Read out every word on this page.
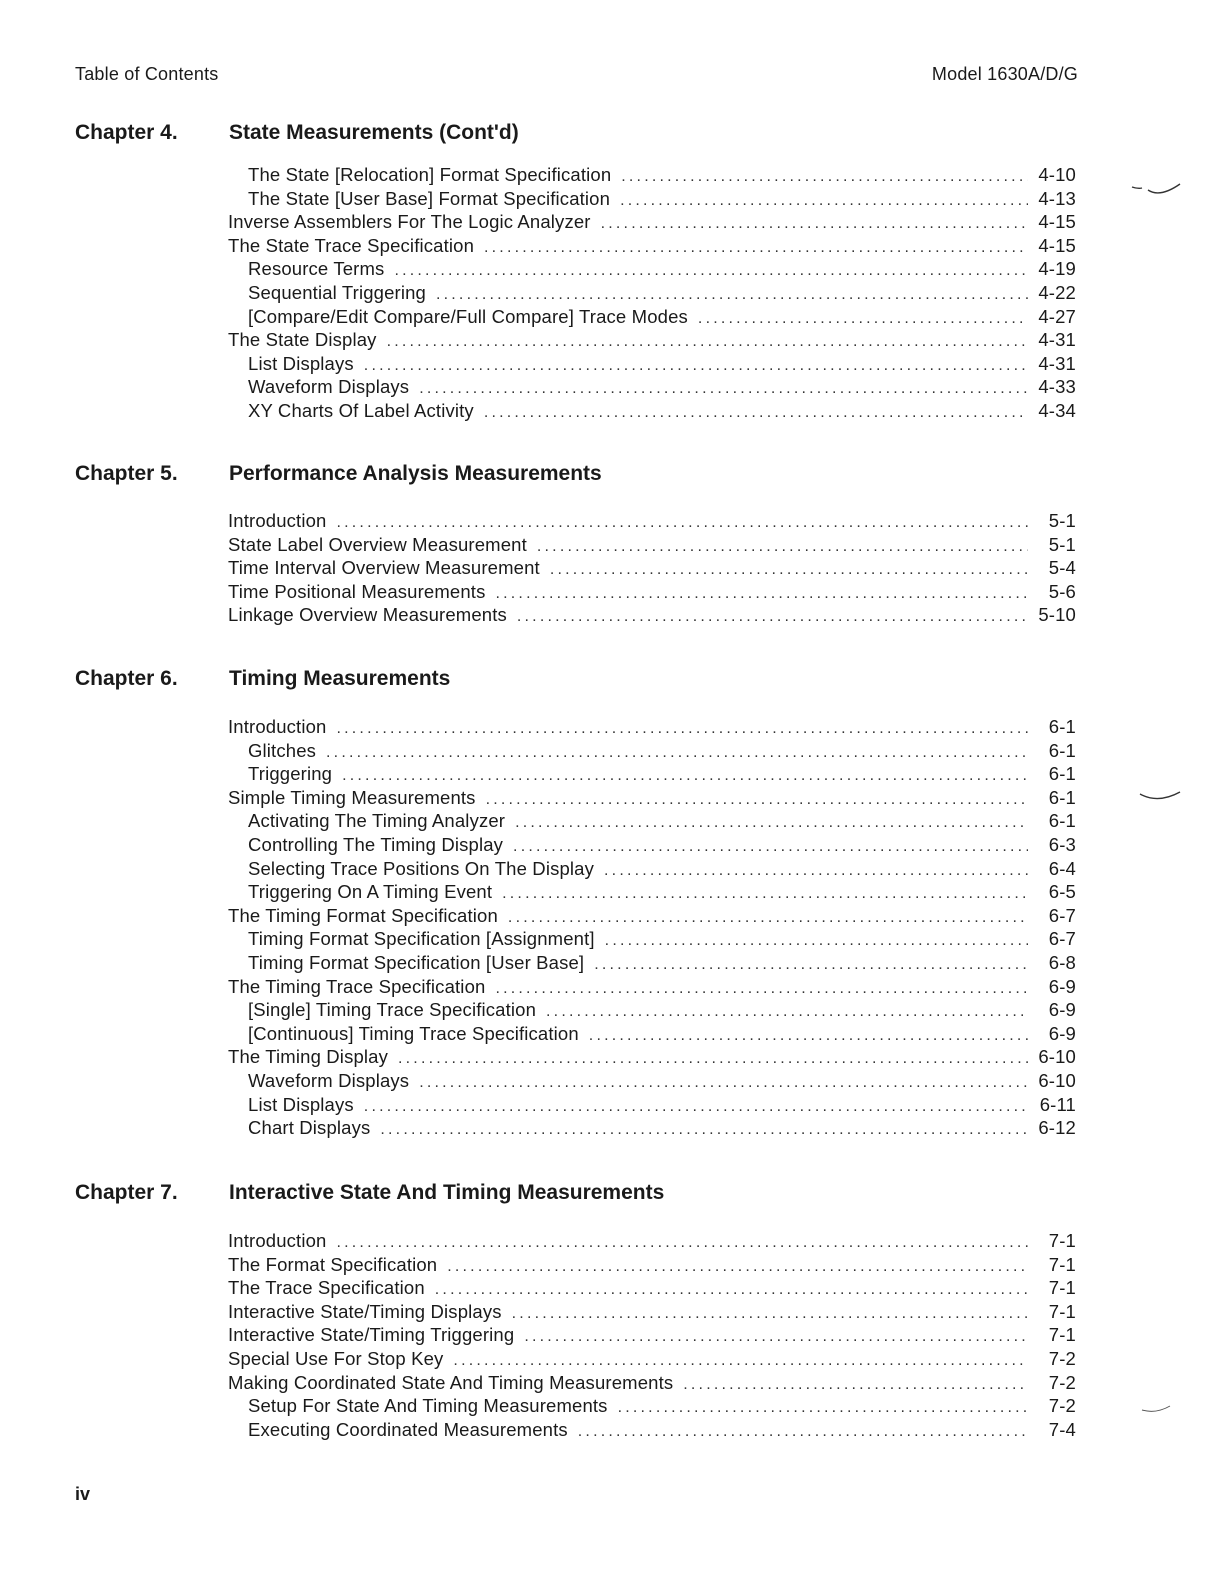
Table of Contents	Model 1630A/D/G
Chapter 4. State Measurements (Cont'd)
The State [Relocation] Format Specification .....	4-10
The State [User Base] Format Specification .....	4-13
Inverse Assemblers For The Logic Analyzer .....	4-15
The State Trace Specification .....	4-15
Resource Terms .....	4-19
Sequential Triggering .....	4-22
[Compare/Edit Compare/Full Compare] Trace Modes .....	4-27
The State Display .....	4-31
List Displays .....	4-31
Waveform Displays .....	4-33
XY Charts Of Label Activity .....	4-34
Chapter 5. Performance Analysis Measurements
Introduction .....	5-1
State Label Overview Measurement .....	5-1
Time Interval Overview Measurement .....	5-4
Time Positional Measurements .....	5-6
Linkage Overview Measurements .....	5-10
Chapter 6. Timing Measurements
Introduction .....	6-1
Glitches .....	6-1
Triggering .....	6-1
Simple Timing Measurements .....	6-1
Activating The Timing Analyzer .....	6-1
Controlling The Timing Display .....	6-3
Selecting Trace Positions On The Display .....	6-4
Triggering On A Timing Event .....	6-5
The Timing Format Specification .....	6-7
Timing Format Specification [Assignment] .....	6-7
Timing Format Specification [User Base] .....	6-8
The Timing Trace Specification .....	6-9
[Single] Timing Trace Specification .....	6-9
[Continuous] Timing Trace Specification .....	6-9
The Timing Display .....	6-10
Waveform Displays .....	6-10
List Displays .....	6-11
Chart Displays .....	6-12
Chapter 7. Interactive State And Timing Measurements
Introduction .....	7-1
The Format Specification .....	7-1
The Trace Specification .....	7-1
Interactive State/Timing Displays .....	7-1
Interactive State/Timing Triggering .....	7-1
Special Use For Stop Key .....	7-2
Making Coordinated State And Timing Measurements .....	7-2
Setup For State And Timing Measurements .....	7-2
Executing Coordinated Measurements .....	7-4
iv
